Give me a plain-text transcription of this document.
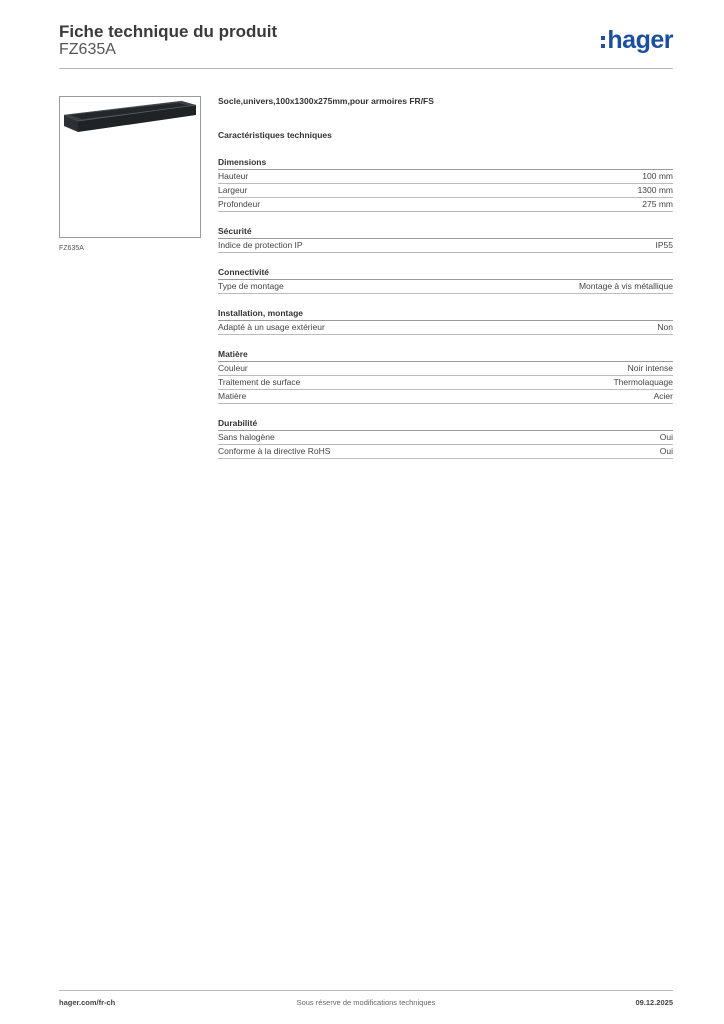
Fiche technique du produit
FZ635A	hager
FZ635A
Socle,univers,100x1300x275mm,pour armoires FR/FS
Caractéristiques techniques
Dimensions
Hauteur	100 mm
Largeur	1300 mm
Profondeur	275 mm
Sécurité
Indice de protection IP	IP55
Connectivité
Type de montage	Montage à vis métallique
Installation, montage
Adapté à un usage extérieur	Non
Matière
Couleur	Noir intense
Traitement de surface	Thermolaquage
Matière	Acier
Durabilité
Sans halogène	Oui
Conforme à la directive RoHS	Oui
hager.com/fr-ch	Sous réserve de modifications techniques	09.12.2025
